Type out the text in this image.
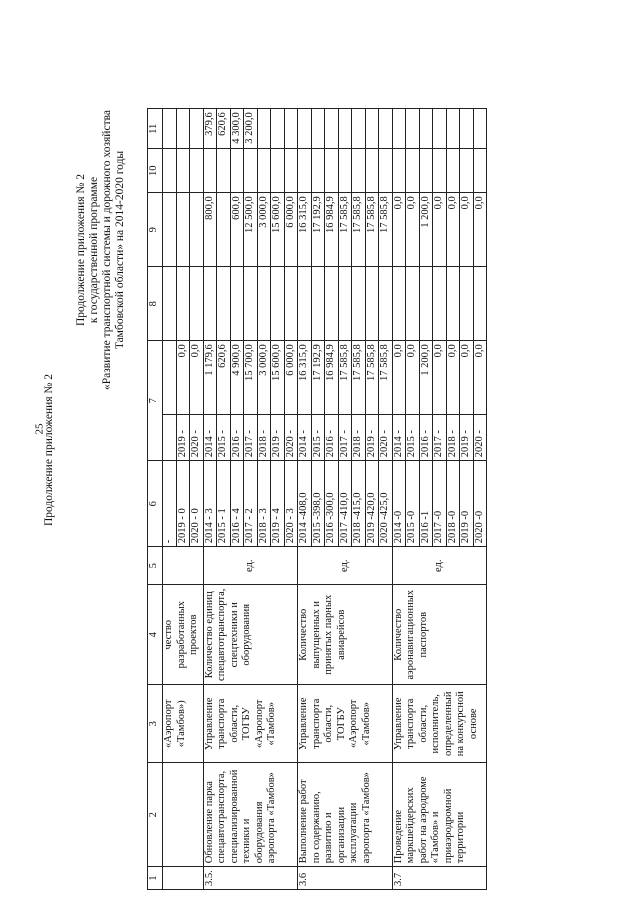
25
Продолжение приложения № 2
Продолжение приложения № 2 к государственной программе «Развитие транспортной системы и дорожного хозяйства Тамбовской области» на 2014-2020 годы
1	2	3	4	5	6	7		8	9	10	11
		«Аэропорт «Тамбов»)	чество разработанных проектов		-						
					2019 - 0	2019 -	0,0				
					2020 - 0	2020 -	0,0				
3.5.	Обновление парка спецавтотранспорта, специализированной техники и оборудования аэропорта «Тамбов»	Управление транспорта области, ТОГБУ «Аэропорт «Тамбов»	Количество единиц спецавтотранспорта, спецтехники и оборудования	ед.	2014 - 3	2014 -	1 179,6		800,0		379,6
					2015 - 1	2015 -	620,6				620,6
					2016 - 4	2016 -	4 900,0		600,0		4 300,0
					2017 - 2	2017 -	15 700,0		12 500,0		3 200,0
					2018 - 3	2018 -	3 000,0		3 000,0		
					2019 - 4	2019 -	15 600,0		15 600,0		
					2020 - 3	2020 -	6 000,0		6 000,0		
3.6	Выполнение работ по содержанию, развитию и организации эксплуатации аэропорта «Тамбов»	Управление транспорта области, ТОГБУ «Аэропорт «Тамбов»	Количество выпущенных и принятых парных авиарейсов	ед.	2014 -408,0	2014 -	16 315,0		16 315,0		
					2015 -398,0	2015 -	17 192,9		17 192,9		
					2016 -300,0	2016 -	16 984,9		16 984,9		
					2017 -410,0	2017 -	17 585,8		17 585,8		
					2018 -415,0	2018 -	17 585,8		17 585,8		
					2019 -420,0	2019 -	17 585,8		17 585,8		
					2020 -425,0	2020 -	17 585,8		17 585,8		
3.7	Проведение маркшейдерских работ на аэродроме «Тамбов» и приаэродромной территории	Управление транспорта области, исполнитель, определенный на конкурсной основе	Количество аэронавигационных паспортов	ед.	2014 -0	2014 -	0,0		0,0		
					2015 -0	2015 -	0,0		0,0		
					2016 -1	2016 -	1 200,0		1 200,0		
					2017 -0	2017 -	0,0		0,0		
					2018 -0	2018 -	0,0		0,0		
					2019 -0	2019 -	0,0		0,0		
					2020 -0	2020 -	0,0		0,0		
